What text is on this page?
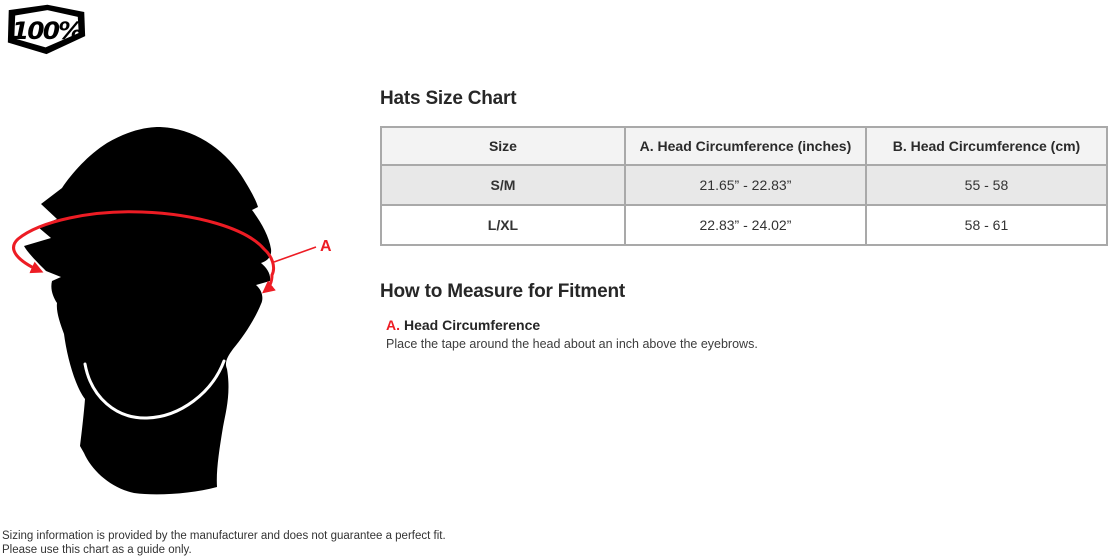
100%
A
Hats Size Chart
Size	A. Head Circumference (inches)	B. Head Circumference (cm)
S/M	21.65” - 22.83”	55 - 58
L/XL	22.83” - 24.02”	58 - 61
How to Measure for Fitment
A. Head Circumference
Place the tape around the head about an inch above the eyebrows.
Sizing information is provided by the manufacturer and does not guarantee a perfect fit.
Please use this chart as a guide only.
